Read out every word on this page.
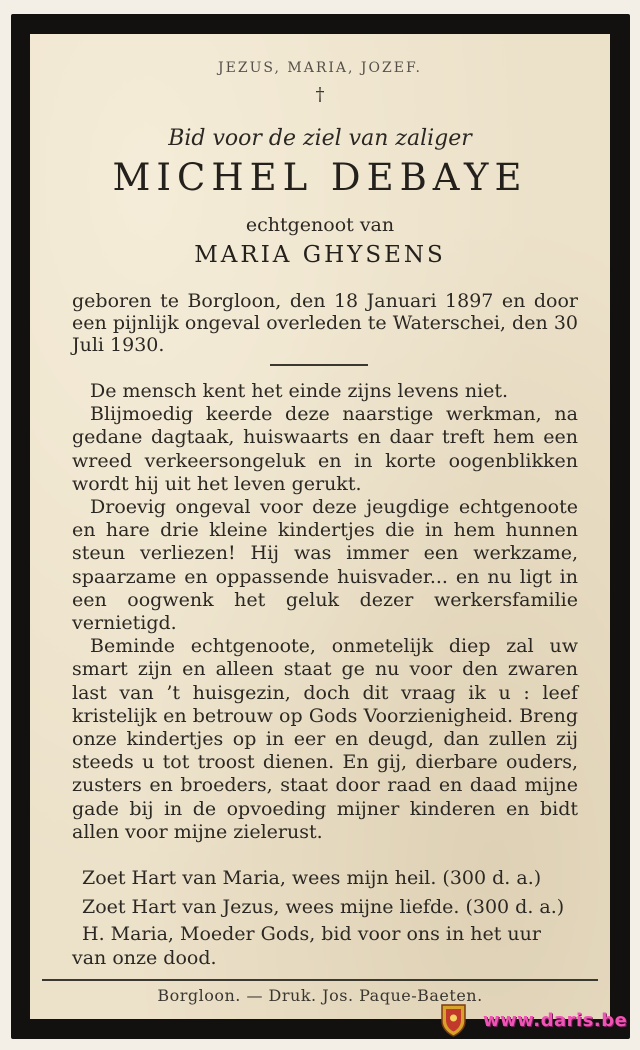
JEZUS, MARIA, JOZEF.
†
Bid voor de ziel van zaliger
MICHEL DEBAYE
echtgenoot van
MARIA GHYSENS
geboren te Borgloon, den 18 Januari 1897 en door een pijnlijk ongeval overleden te Waterschei, den 30 Juli 1930.

De mensch kent het einde zijns levens niet.

Blijmoedig keerde deze naarstige werkman, na gedane dagtaak, huiswaarts en daar treft hem een wreed verkeersongeluk en in korte oogenblikken wordt hij uit het leven gerukt.

Droevig ongeval voor deze jeugdige echtgenoote en hare drie kleine kindertjes die in hem hunnen steun verliezen! Hij was immer een werkzame, spaarzame en oppassende huisvader... en nu ligt in een oogwenk het geluk dezer werkersfamilie vernietigd.

Beminde echtgenoote, onmetelijk diep zal uw smart zijn en alleen staat ge nu voor den zwaren last van ’t huisgezin, doch dit vraag ik u : leef kristelijk en betrouw op Gods Voorzienigheid. Breng onze kindertjes op in eer en deugd, dan zullen zij steeds u tot troost dienen. En gij, dierbare ouders, zusters en broeders, staat door raad en daad mijne gade bij in de opvoeding mijner kinderen en bidt allen voor mijne zielerust.

Zoet Hart van Maria, wees mijn heil. (300 d. a.)

Zoet Hart van Jezus, wees mijne liefde. (300 d. a.)

H. Maria, Moeder Gods, bid voor ons in het uur van onze dood.

Borgloon. — Druk. Jos. Paque-Baeten.
www.daris.be
